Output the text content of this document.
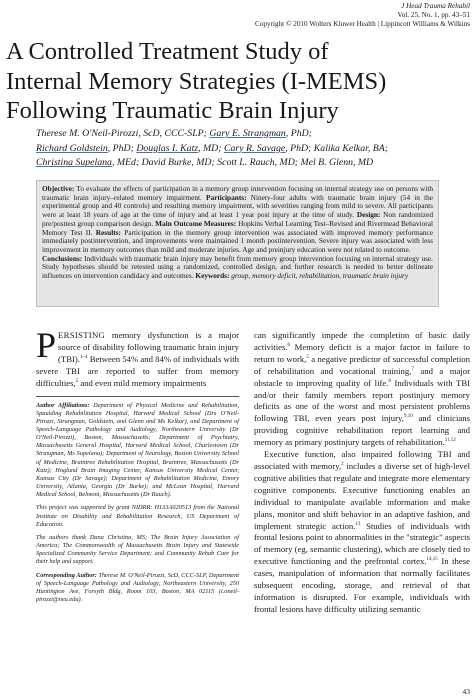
J Head Trauma Rehabil
Vol. 25, No. 1, pp. 43–51
Copyright © 2010 Wolters Kluwer Health | Lippincott Williams & Wilkins
A Controlled Treatment Study of
Internal Memory Strategies (I-MEMS)
Following Traumatic Brain Injury
Therese M. O'Neil-Pirozzi, ScD, CCC-SLP; Gary E. Strangman, PhD;
Richard Goldstein, PhD; Douglas I. Katz, MD; Cary R. Savage, PhD; Kalika Kelkar, BA;
Christina Supelana, MEd; David Burke, MD; Scott L. Rauch, MD; Mel B. Glenn, MD
Objective: To evaluate the effects of participation in a memory group intervention focusing on internal strategy use on persons with traumatic brain injury–related memory impairment. Participants: Ninety-four adults with traumatic brain injury (54 in the experimental group and 40 controls) and resulting memory impairment, with severities ranging from mild to severe. All participants were at least 18 years of age at the time of injury and at least 1 year post injury at the time of study. Design: Non randomized pre/posttest group comparison design. Main Outcome Measures: Hopkins Verbal Learning Test–Revised and Rivermead Behavioral Memory Test II. Results: Participation in the memory group intervention was associated with improved memory performance immediately postintervention, and improvements were maintained 1 month postintervention. Severe injury was associated with less improvement in memory outcomes than mild and moderate injuries. Age and preinjury education were not related to outcome.
Conclusions: Individuals with traumatic brain injury may benefit from memory group intervention focusing on internal strategy use. Study hypotheses should be retested using a randomized, controlled design, and further research is needed to better delineate influences on intervention candidacy and outcomes. Keywords: group, memory deficit, rehabilitation, traumatic brain injury

PERSISTING memory dysfunction is a major source of disability following traumatic brain injury (TBI).$^{1-4}$ Between 54% and 84% of individuals with severe TBI are reported to suffer from memory difficulties,$^5$ and even mild memory impairments

Author Affiliations: Department of Physical Medicine and Rehabilitation, Spaulding Rehabilitation Hospital, Harvard Medical School (Drs O'Neil-Pirozzi, Strangman, Goldstein, and Glenn and Ms Kelkar), and Department of Speech-Language Pathology and Audiology, Northeastern University (Dr O'Neil-Pirozzi), Boston, Massachusetts; Department of Psychiatry, Massachusetts General Hospital, Harvard Medical School, Charlestown (Dr Strangman, Ms Supelana); Department of Neurology, Boston University School of Medicine, Braintree Rehabilitation Hospital, Braintree, Massachusetts (Dr Katz); Hoglund Brain Imaging Center, Kansas University Medical Center, Kansas City (Dr Savage); Department of Rehabilitation Medicine, Emory University, Atlanta, Georgia (Dr Burke); and McLean Hospital, Harvard Medical School, Belmont, Massachusetts (Dr Rauch).

This project was supported by grant NIDRR: H133A020513 from the National Institute on Disability and Rehabilitation Research, US Department of Education.

The authors thank Dana Christina, MS; The Brain Injury Association of America; The Commonwealth of Massachusetts Brain Injury and Statewide Specialized Community Service Department; and Community Rehab Care for their help and support.

Corresponding Author: Therese M. O'Neil-Pirozzi, ScD, CCC-SLP, Department of Speech-Language Pathology and Audiology, Northeastern University, 250 Huntington Ave, Forsyth Bldg, Room 103, Boston, MA 02115 (t.oneil-pirozzi@neu.edu).

can significantly impede the completion of basic daily activities.$^6$ Memory deficit is a major factor in failure to return to work,$^5$ a negative predictor of successful completion of rehabilitation and vocational training,$^7$ and a major obstacle to improving quality of life.$^8$ Individuals with TBI and/or their family members report postinjury memory deficits as one of the worst and most persistent problems following TBI, even years post injury,$^{9,10}$ and clinicians providing cognitive rehabilitation report learning and memory as primary postinjury targets of rehabilitation.$^{11,12}$

Executive function, also impaired following TBI and associated with memory,$^2$ includes a diverse set of high-level cognitive abilities that regulate and integrate more elementary cognitive components. Executive functioning enables an individual to manipulate available information and make plans, monitor and shift behavior in an adaptive fashion, and implement strategic action.$^{13}$ Studies of individuals with frontal lesions point to abnormalities in the "strategic" aspects of memory (eg, semantic clustering), which are closely tied to executive functioning and the prefrontal cortex.$^{14,15}$ In these cases, manipulation of information that normally facilitates subsequent encoding, storage, and retrieval of that information is disrupted. For example, individuals with frontal lesions have difficulty utilizing semantic

43
